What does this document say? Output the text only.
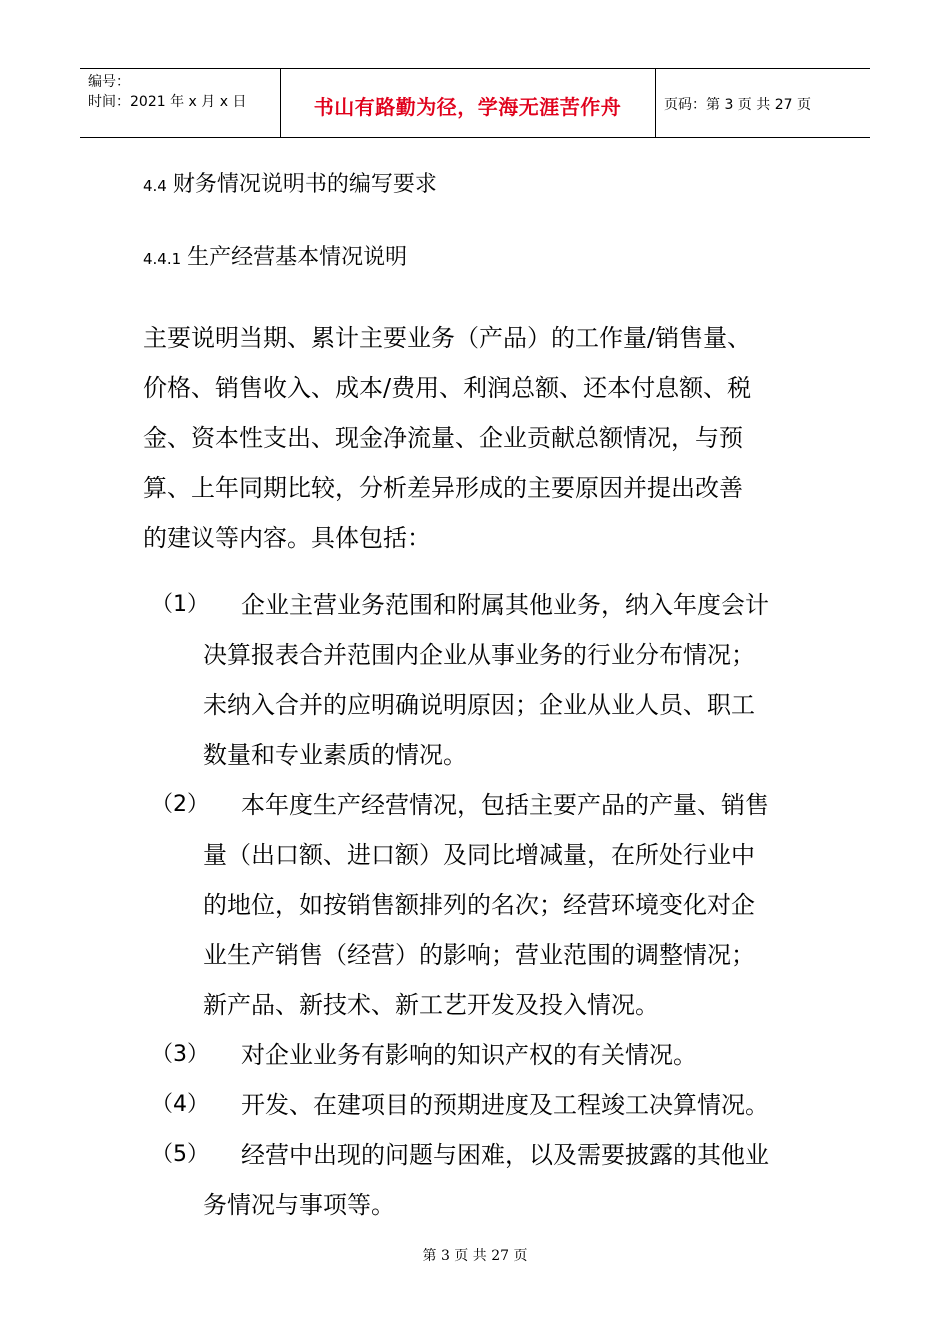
编号：
时间：2021 年 x 月 x 日	书山有路勤为径，学海无涯苦作舟	页码：第 3 页 共 27 页
4.4 财务情况说明书的编写要求
4.4.1 生产经营基本情况说明

主要说明当期、累计主要业务（产品）的工作量/销售量、

价格、销售收入、成本/费用、利润总额、还本付息额、税

金、资本性支出、现金净流量、企业贡献总额情况，与预

算、上年同期比较，分析差异形成的主要原因并提出改善

的建议等内容。具体包括：

（1）	企业主营业务范围和附属其他业务，纳入年度会计

决算报表合并范围内企业从事业务的行业分布情况；

未纳入合并的应明确说明原因；企业从业人员、职工

数量和专业素质的情况。

（2）	本年度生产经营情况，包括主要产品的产量、销售

量（出口额、进口额）及同比增减量，在所处行业中

的地位，如按销售额排列的名次；经营环境变化对企

业生产销售（经营）的影响；营业范围的调整情况；

新产品、新技术、新工艺开发及投入情况。

（3）	对企业业务有影响的知识产权的有关情况。

（4）	开发、在建项目的预期进度及工程竣工决算情况。

（5）	经营中出现的问题与困难，以及需要披露的其他业

务情况与事项等。

第 3 页 共 27 页
